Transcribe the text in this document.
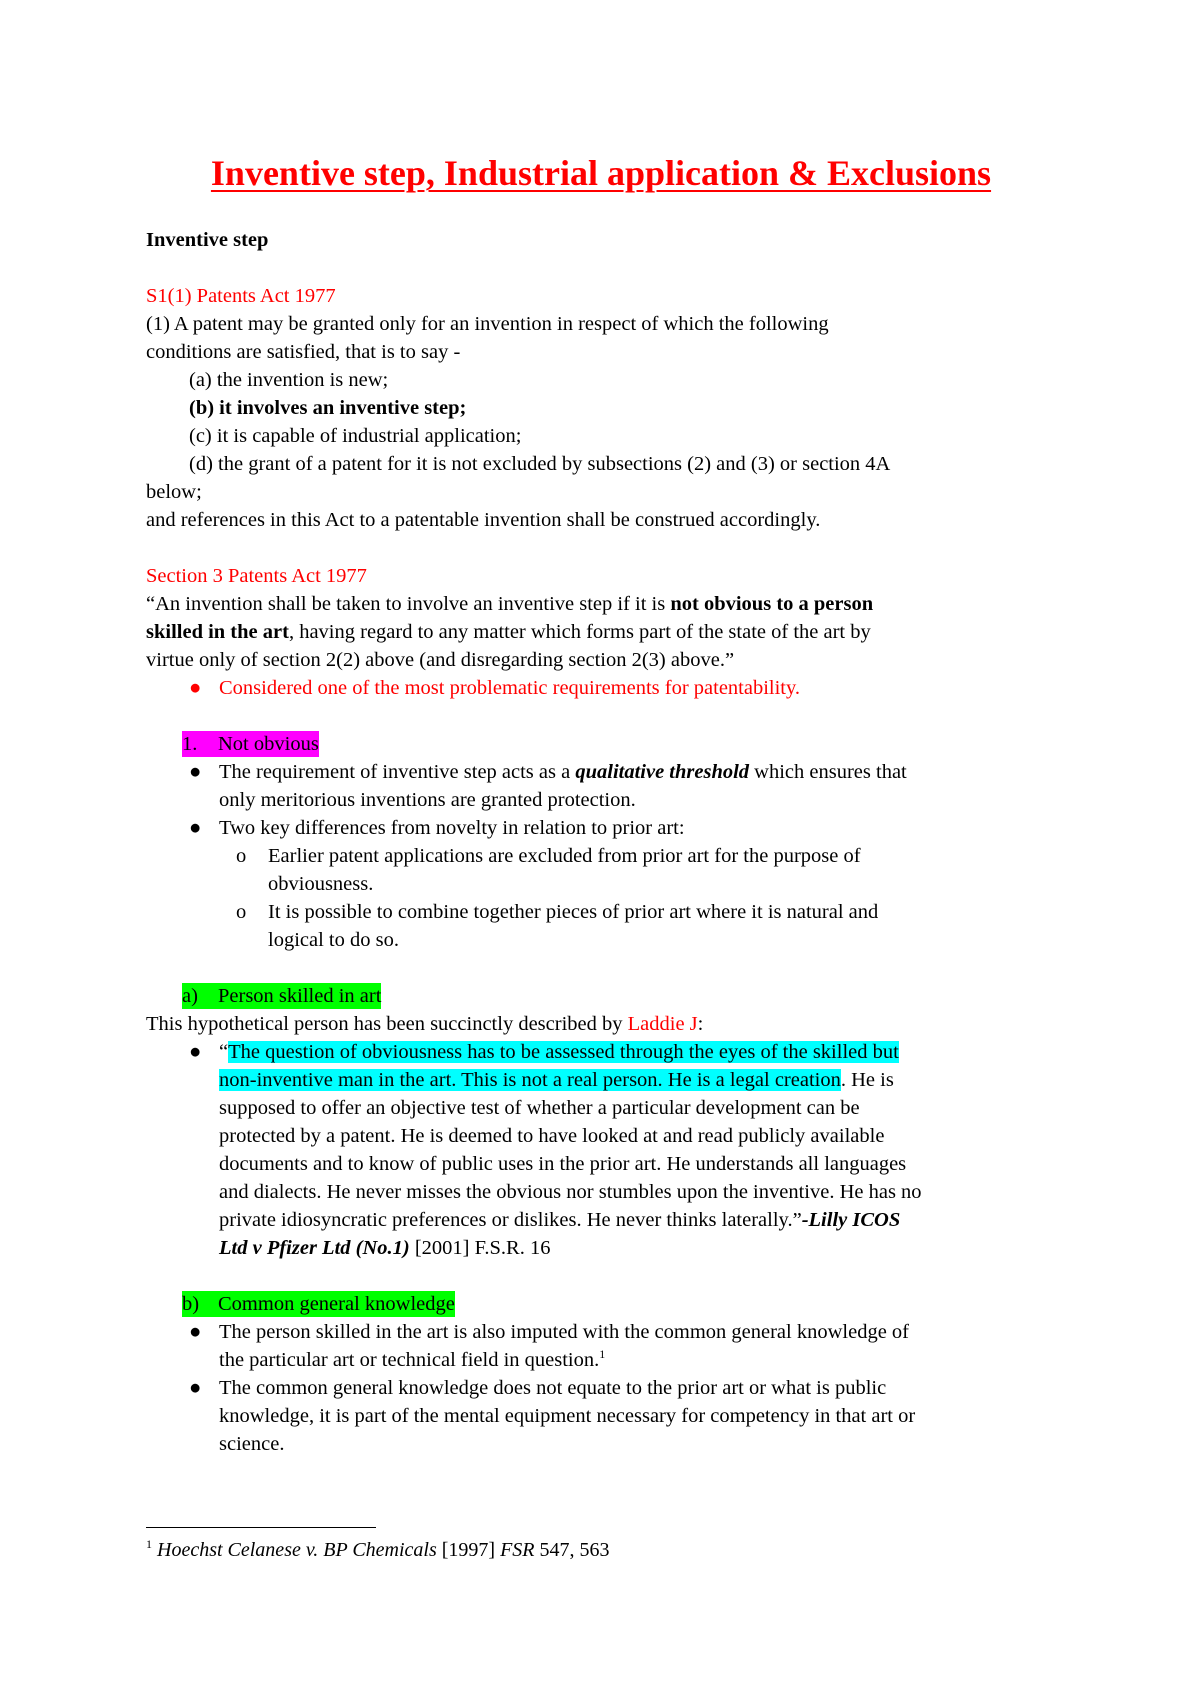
Inventive step, Industrial application & Exclusions

Inventive step

S1(1) Patents Act 1977

(1) A patent may be granted only for an invention in respect of which the following

conditions are satisfied, that is to say -

(a) the invention is new;

(b) it involves an inventive step;

(c) it is capable of industrial application;

(d) the grant of a patent for it is not excluded by subsections (2) and (3) or section 4A

below;

and references in this Act to a patentable invention shall be construed accordingly.

Section 3 Patents Act 1977

“An invention shall be taken to involve an inventive step if it is not obvious to a person

skilled in the art, having regard to any matter which forms part of the state of the art by

virtue only of section 2(2) above (and disregarding section 2(3) above.”

● Considered one of the most problematic requirements for patentability.

1. Not obvious

● The requirement of inventive step acts as a qualitative threshold which ensures that
only meritorious inventions are granted protection.
● Two key differences from novelty in relation to prior art:
o Earlier patent applications are excluded from prior art for the purpose of
obviousness.
o It is possible to combine together pieces of prior art where it is natural and
logical to do so.

a) Person skilled in art

This hypothetical person has been succinctly described by Laddie J:

● “The question of obviousness has to be assessed through the eyes of the skilled but
non-inventive man in the art. This is not a real person. He is a legal creation. He is
supposed to offer an objective test of whether a particular development can be
protected by a patent. He is deemed to have looked at and read publicly available
documents and to know of public uses in the prior art. He understands all languages
and dialects. He never misses the obvious nor stumbles upon the inventive. He has no
private idiosyncratic preferences or dislikes. He never thinks laterally.”-Lilly ICOS
Ltd v Pfizer Ltd (No.1) [2001] F.S.R. 16

b) Common general knowledge

● The person skilled in the art is also imputed with the common general knowledge of
the particular art or technical field in question.$^1$
● The common general knowledge does not equate to the prior art or what is public
knowledge, it is part of the mental equipment necessary for competency in that art or
science.

$^1$ Hoechst Celanese v. BP Chemicals [1997] FSR 547, 563
